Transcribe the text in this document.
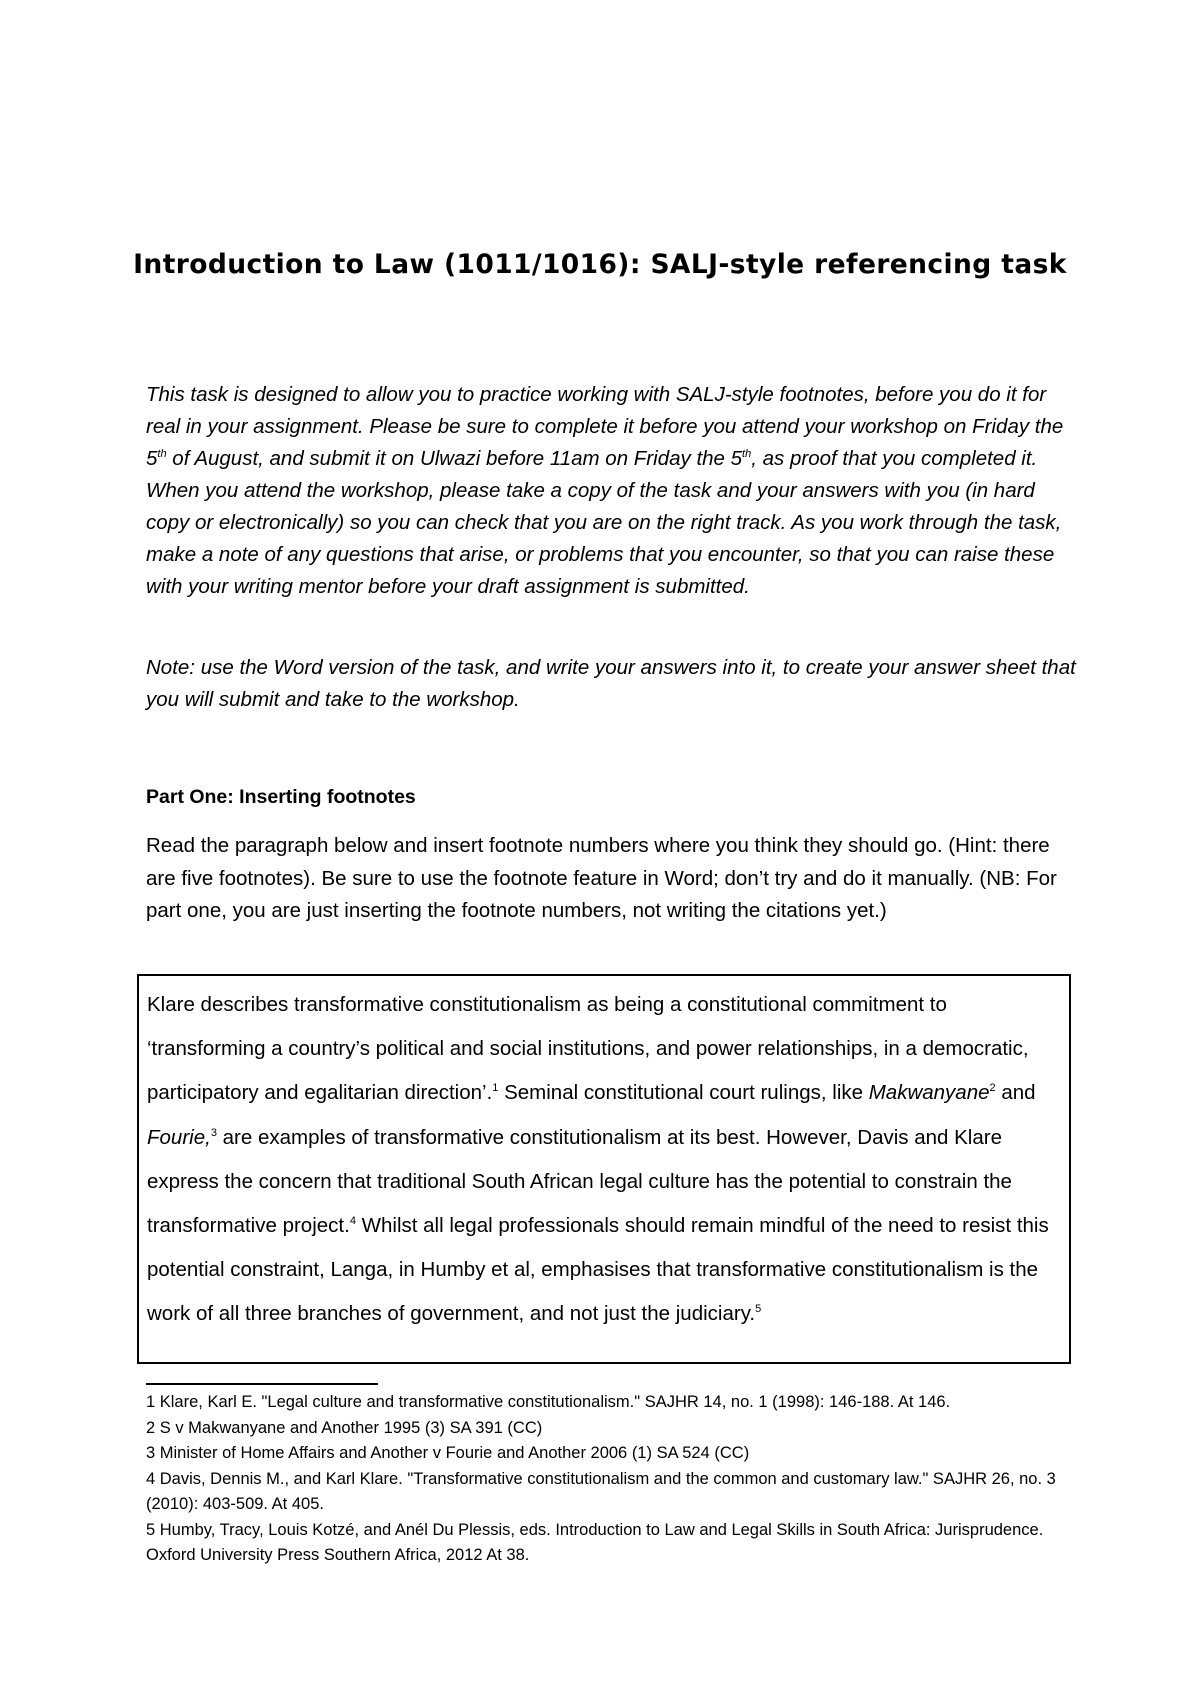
Introduction to Law (1011/1016): SALJ-style referencing task

This task is designed to allow you to practice working with SALJ-style footnotes, before you do it for real in your assignment. Please be sure to complete it before you attend your workshop on Friday the 5th of August, and submit it on Ulwazi before 11am on Friday the 5th, as proof that you completed it. When you attend the workshop, please take a copy of the task and your answers with you (in hard copy or electronically) so you can check that you are on the right track. As you work through the task, make a note of any questions that arise, or problems that you encounter, so that you can raise these with your writing mentor before your draft assignment is submitted.

Note: use the Word version of the task, and write your answers into it, to create your answer sheet that you will submit and take to the workshop.

Part One: Inserting footnotes

Read the paragraph below and insert footnote numbers where you think they should go. (Hint: there are five footnotes). Be sure to use the footnote feature in Word; don’t try and do it manually. (NB: For part one, you are just inserting the footnote numbers, not writing the citations yet.)

Klare describes transformative constitutionalism as being a constitutional commitment to ‘transforming a country’s political and social institutions, and power relationships, in a democratic, participatory and egalitarian direction’.$^1$ Seminal constitutional court rulings, like Makwanyane$^2$ and Fourie,$^3$ are examples of transformative constitutionalism at its best. However, Davis and Klare express the concern that traditional South African legal culture has the potential to constrain the transformative project.$^4$ Whilst all legal professionals should remain mindful of the need to resist this potential constraint, Langa, in Humby et al, emphasises that transformative constitutionalism is the work of all three branches of government, and not just the judiciary.$^5$

1 Klare, Karl E. "Legal culture and transformative constitutionalism." SAJHR 14, no. 1 (1998): 146-188. At 146.

2 S v Makwanyane and Another 1995 (3) SA 391 (CC)

3 Minister of Home Affairs and Another v Fourie and Another 2006 (1) SA 524 (CC)

4 Davis, Dennis M., and Karl Klare. "Transformative constitutionalism and the common and customary law." SAJHR 26, no. 3 (2010): 403-509. At 405.

5 Humby, Tracy, Louis Kotzé, and Anél Du Plessis, eds. Introduction to Law and Legal Skills in South Africa: Jurisprudence. Oxford University Press Southern Africa, 2012 At 38.
